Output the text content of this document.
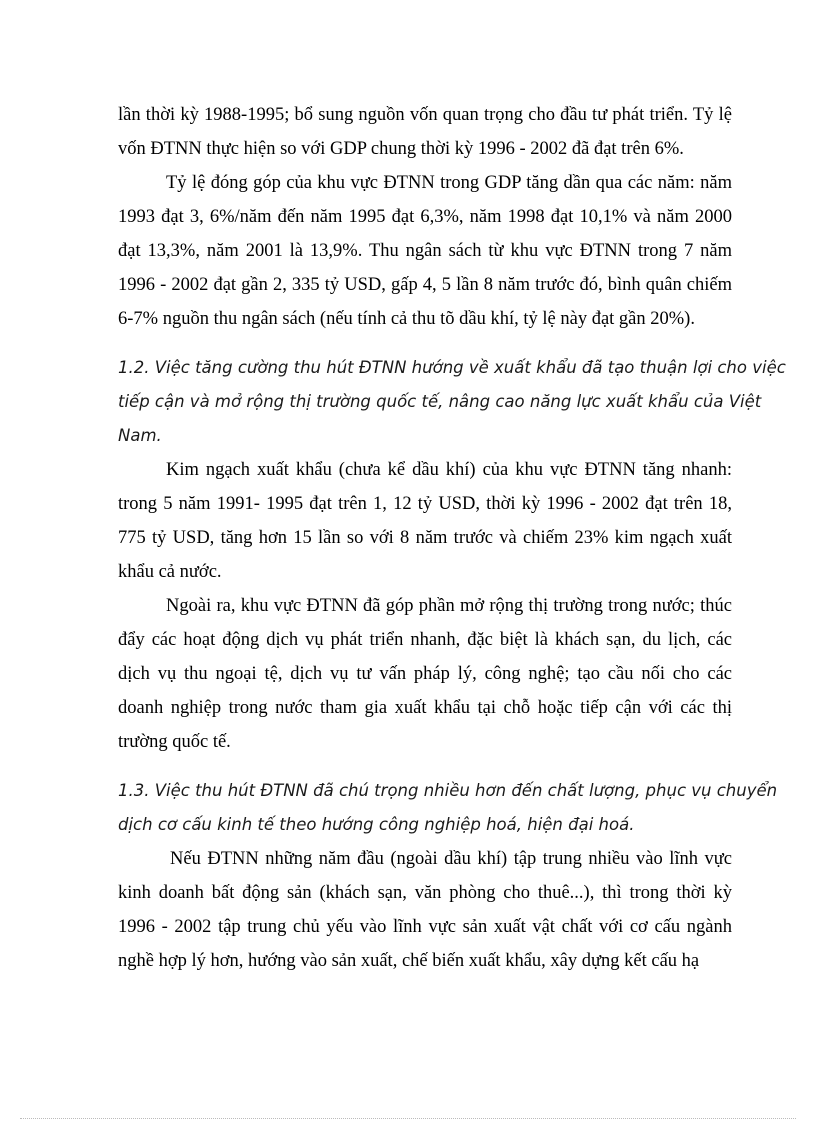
lần thời kỳ 1988-1995; bổ sung nguồn vốn quan trọng cho đầu tư phát triển. Tỷ lệ
vốn ĐTNN thực hiện so với GDP chung thời kỳ 1996 - 2002 đã đạt trên 6%.
Tỷ lệ đóng góp của khu vực ĐTNN trong GDP tăng dần qua các năm: năm
1993 đạt 3, 6%/năm đến năm 1995 đạt 6,3%, năm 1998 đạt 10,1% và năm 2000
đạt 13,3%, năm 2001 là 13,9%. Thu ngân sách từ khu vực ĐTNN trong 7 năm
1996 - 2002 đạt gần 2, 335 tỷ USD, gấp 4, 5 lần 8 năm trước đó, bình quân chiếm
6-7% nguồn thu ngân sách (nếu tính cả thu tõ dầu khí, tỷ lệ này đạt gần 20%).
1.2. Việc tăng cường thu hút ĐTNN hướng về xuất khẩu đã tạo thuận lợi cho việc
tiếp cận và mở rộng thị trường quốc tế, nâng cao năng lực xuất khẩu của Việt
Nam.
Kim ngạch xuất khẩu (chưa kể dầu khí) của khu vực ĐTNN tăng nhanh:
trong 5 năm 1991- 1995 đạt trên 1, 12 tỷ USD, thời kỳ 1996 - 2002 đạt trên 18,
775 tỷ USD, tăng hơn 15 lần so với 8 năm trước và chiếm 23% kim ngạch xuất
khẩu cả nước.
Ngoài ra, khu vực ĐTNN đã góp phần mở rộng thị trường trong nước; thúc
đẩy các hoạt động dịch vụ phát triển nhanh, đặc biệt là khách sạn, du lịch, các
dịch vụ thu ngoại tệ, dịch vụ tư vấn pháp lý, công nghệ; tạo cầu nối cho các
doanh nghiệp trong nước tham gia xuất khẩu tại chỗ hoặc tiếp cận với các thị
trường quốc tế.
1.3. Việc thu hút ĐTNN đã chú trọng nhiều hơn đến chất lượng, phục vụ chuyển
dịch cơ cấu kinh tế theo hướng công nghiệp hoá, hiện đại hoá.
Nếu ĐTNN những năm đầu (ngoài dầu khí) tập trung nhiều vào lĩnh vực
kinh doanh bất động sản (khách sạn, văn phòng cho thuê...), thì trong thời kỳ
1996 - 2002 tập trung chủ yếu vào lĩnh vực sản xuất vật chất với cơ cấu ngành
nghề hợp lý hơn, hướng vào sản xuất, chế biến xuất khẩu, xây dựng kết cấu hạ
